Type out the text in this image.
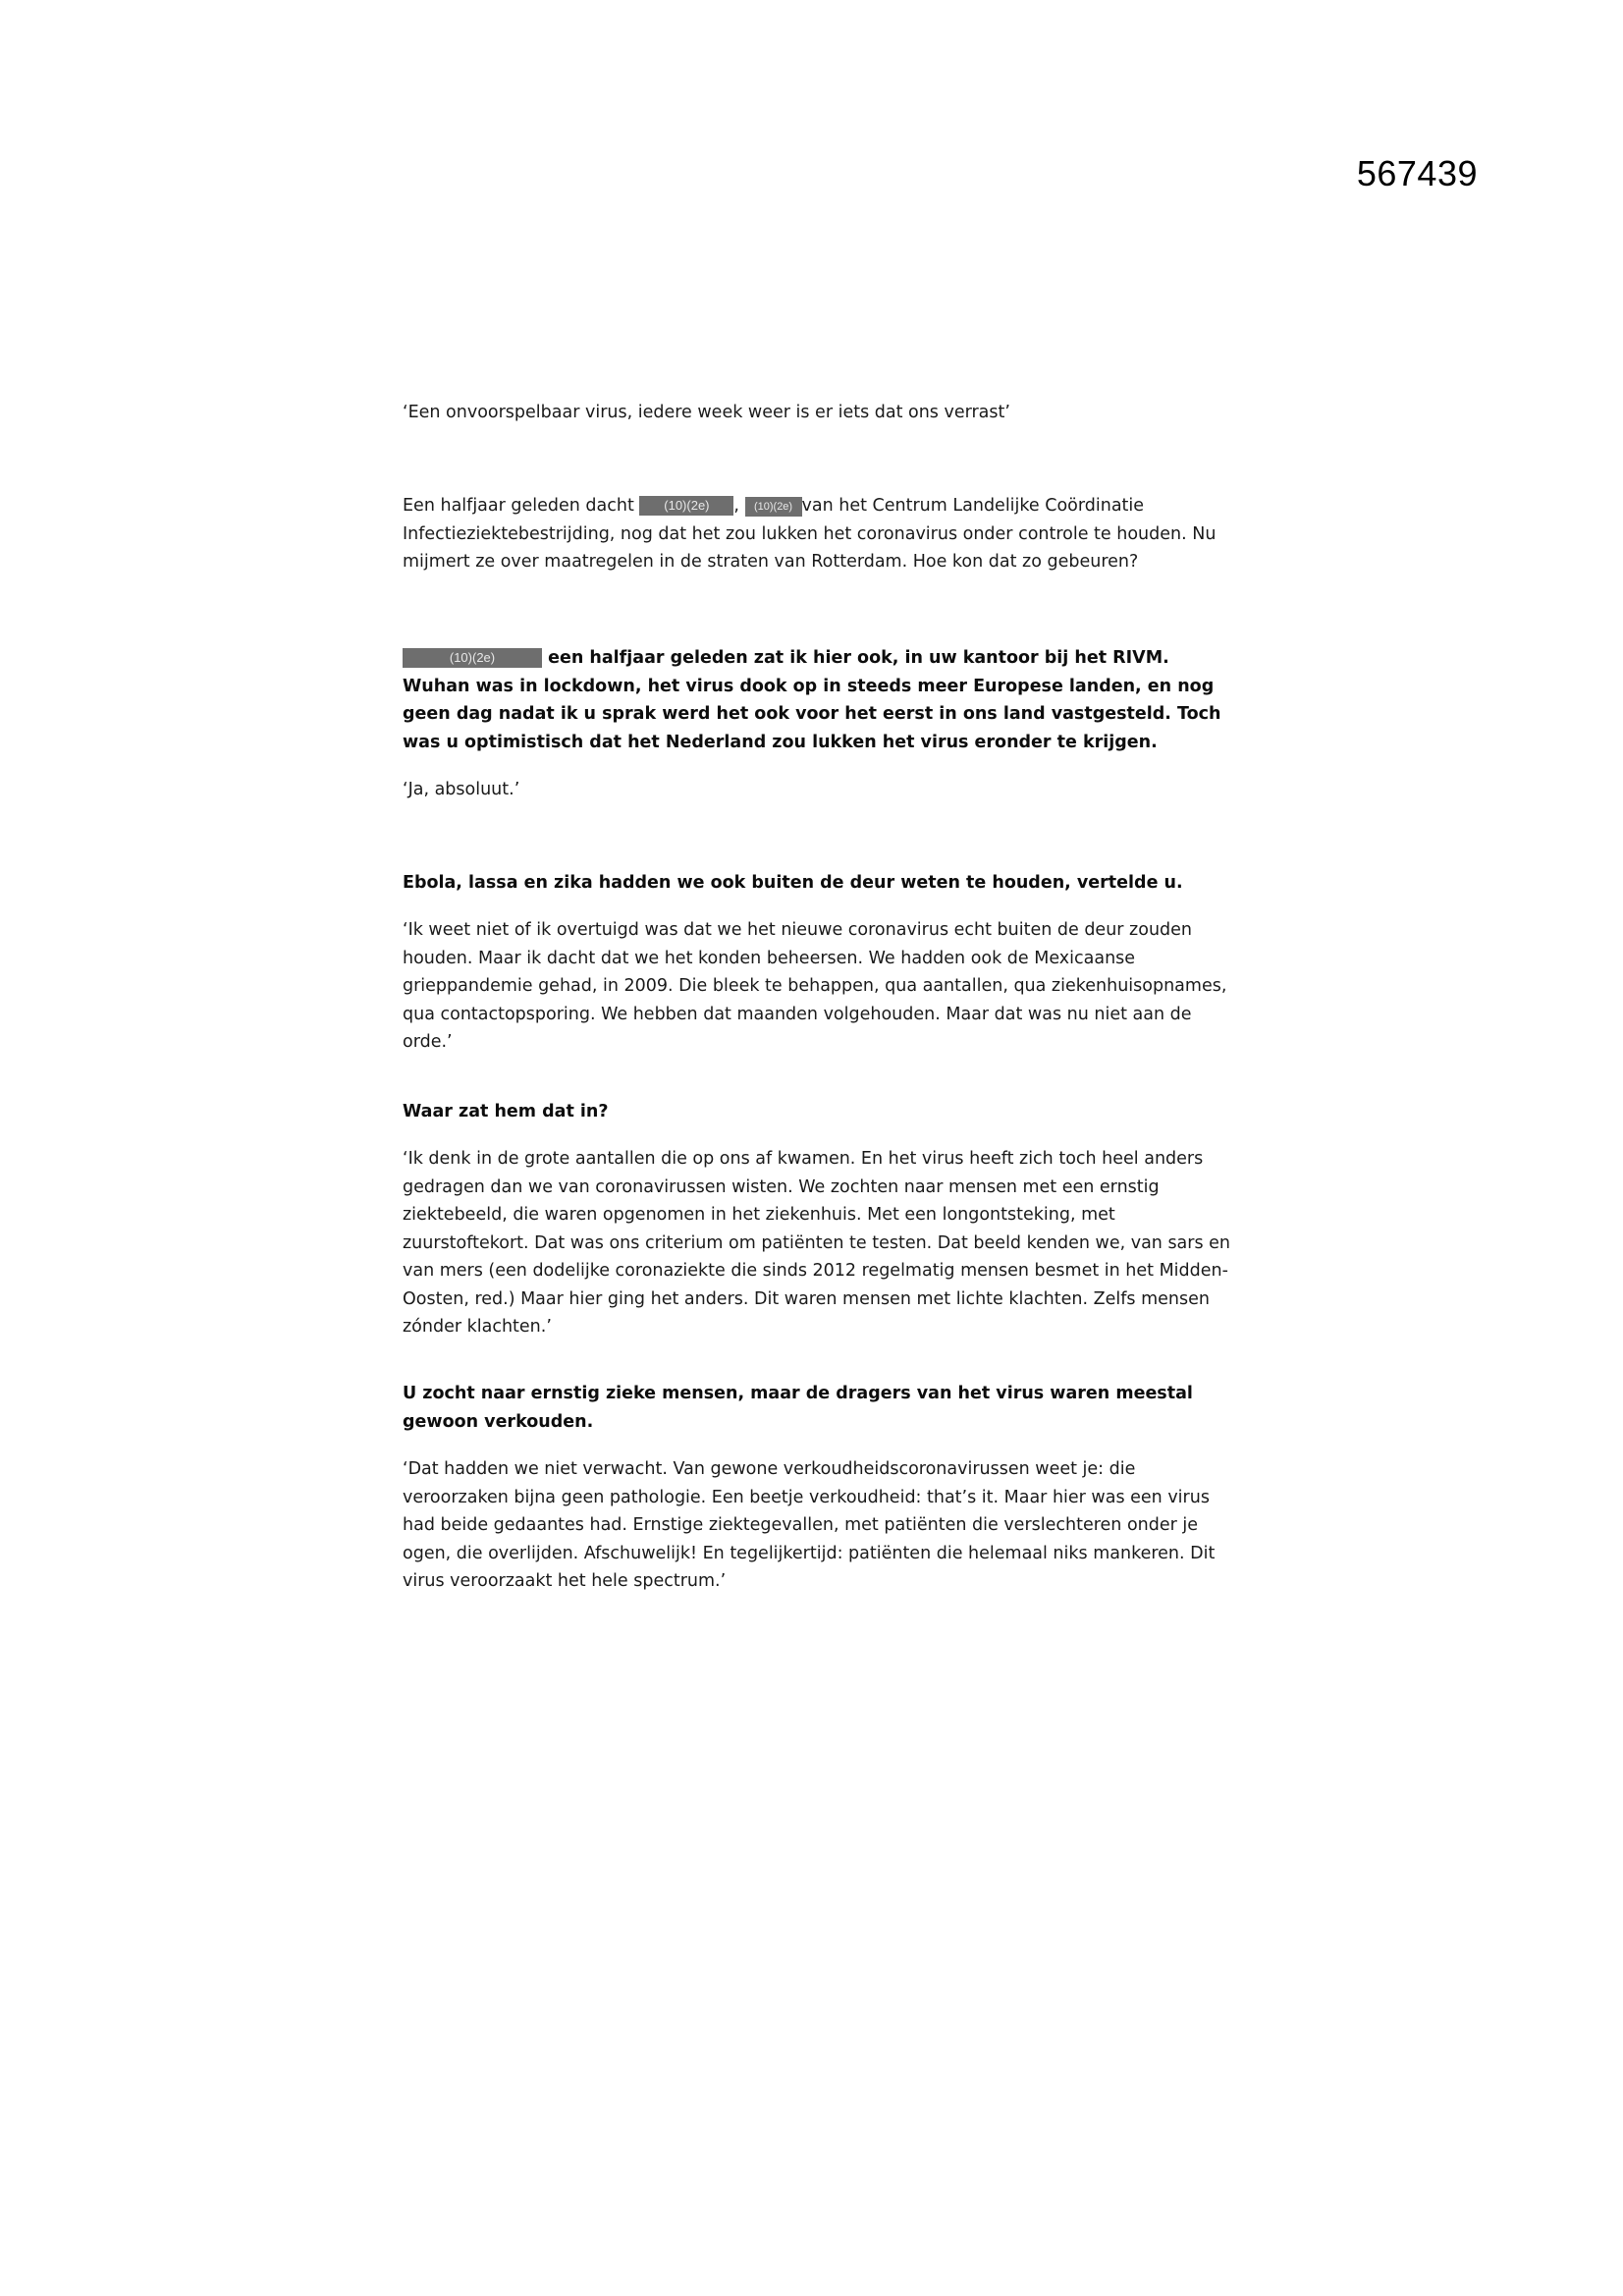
567439

‘Een onvoorspelbaar virus, iedere week weer is er iets dat ons verrast’

Een halfjaar geleden dacht (10)(2e) , (10)(2e) van het Centrum Landelijke Coördinatie Infectieziektebestrijding, nog dat het zou lukken het coronavirus onder controle te houden. Nu mijmert ze over maatregelen in de straten van Rotterdam. Hoe kon dat zo gebeuren?

(10)(2e)	een halfjaar geleden zat ik hier ook, in uw kantoor bij het RIVM. Wuhan was in lockdown, het virus dook op in steeds meer Europese landen, en nog geen dag nadat ik u sprak werd het ook voor het eerst in ons land vastgesteld. Toch was u optimistisch dat het Nederland zou lukken het virus eronder te krijgen.

‘Ja, absoluut.’

Ebola, lassa en zika hadden we ook buiten de deur weten te houden, vertelde u.

‘Ik weet niet of ik overtuigd was dat we het nieuwe coronavirus echt buiten de deur zouden houden. Maar ik dacht dat we het konden beheersen. We hadden ook de Mexicaanse grieppandemie gehad, in 2009. Die bleek te behappen, qua aantallen, qua ziekenhuisopnames, qua contactopsporing. We hebben dat maanden volgehouden. Maar dat was nu niet aan de orde.’

Waar zat hem dat in?

‘Ik denk in de grote aantallen die op ons af kwamen. En het virus heeft zich toch heel anders gedragen dan we van coronavirussen wisten. We zochten naar mensen met een ernstig ziektebeeld, die waren opgenomen in het ziekenhuis. Met een longontsteking, met zuurstoftekort. Dat was ons criterium om patiënten te testen. Dat beeld kenden we, van sars en van mers (een dodelijke coronaziekte die sinds 2012 regelmatig mensen besmet in het Midden-Oosten, red.) Maar hier ging het anders. Dit waren mensen met lichte klachten. Zelfs mensen zónder klachten.’

U zocht naar ernstig zieke mensen, maar de dragers van het virus waren meestal gewoon verkouden.

‘Dat hadden we niet verwacht. Van gewone verkoudheidscoronavirussen weet je: die veroorzaken bijna geen pathologie. Een beetje verkoudheid: that’s it. Maar hier was een virus had beide gedaantes had. Ernstige ziektegevallen, met patiënten die verslechteren onder je ogen, die overlijden. Afschuwelijk! En tegelijkertijd: patiënten die helemaal niks mankeren. Dit virus veroorzaakt het hele spectrum.’
